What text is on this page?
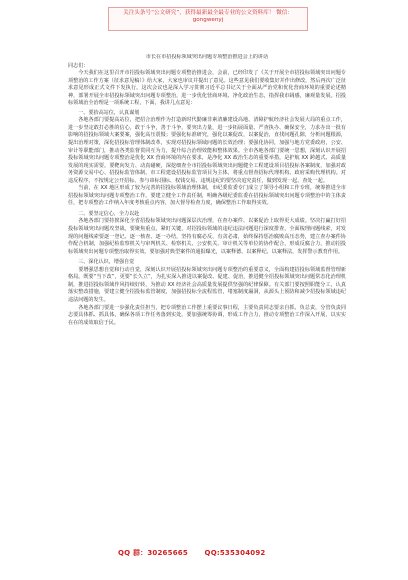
关注头条号“公文研究”，获得最新最全最专业的公文资料库！ 微信：gongwenyj
市长在市招投标领域突出问题专项整治推进会上的讲话
同志们：

今天我们在这里召开市招投标领域突出问题专项整治推进会，会前，已经印发了《关于开展全市招投标领域突出问题专项整治的工作方案（征求意见稿）》给大家，大家也审议并提出了意见。这些意见我们要收集好并作出修改，然后再次广泛征求意见形成正式文件下发执行。这次会议也是深入学习贯彻习近平总书记关于全面从严治党和优化营商环境的重要论述精神，部署开展全市招投标领域突出问题专项整治，进一步优化营商环境、净化政治生态，指挥我市阔感，廉观量发展。招投标领域治全治理是一项系统工程，下面，我讲几点意见：

一、要抬高站位，认真谋划

各地各部门要提高站位，把招合治理作为打造新时代勤廉非素清廉建设高地、清障护航经济社会发展大局的重点工作，进一步坚定敢打必胜的信心，敢于斗争，善于斗争，要突出力量，进一步拓展面量、严查执办、确保安全，力求办出一批有影响的招投标领域大案要案，强化高压震慑；要强化标准研究，强化以案促改，以案促治，直找问题孔隙，分析问题根源，提出治理对策，深化招投标管理体制改革，实现对招投标领域问题的长效治理；要强化协同，加强与地方党委政府，公安、审计等职能部门，推动各类监督贯同互为力，提升综合治理效能和整体效果。全市各地各部门要统一思想，深刻认识开展招投标领域突出问题专项整治是优化 XX 营商环境的内在要求，是净化 XX 政治生态的重要举措，是护航 XX 跨越式、高质量发展的现实需要。要靶向发力、动真碰硬，深挖细查全市招投标领域突出问题健全工程建设项目招投标各案制度，加强对政务资源交易中心、招投标监管体制、市工程建设招投标监管项目为主体，将重点督查招标代理机构、政府采购代理机构。对违反程序、不按规定公开招标、参与串标围标、权钱交易、违规违纪的要坚决追究责任，做到发现一起、查处一起。

当前，在 XX 地区形成了较为完善的招投标领域治理体制，市纪委监委专门成立了领导小组和工作专班，统筹推进全市招投标领域突出问题专项整治工作。要建立健全工作责任制，明确各级纪委监委在招投标领域突出问题专项整治中的主体责任，把专项整治工作纳入年度考核重点内容，加大督导检查力度，确保整治工作取得实效。

二、要坚定信心，全力以赴

各地各部门要持挨深化全省招投标领域突出问题深层次治理，在查办案件、以案促治上取得更大成绩。坚决打赢打好招投标领域突出问题攻坚战，要聚焦重点，紧盯关键，对招投标领域的违纪违法问题进行深度排查，全面梳理问题线索，对发现的问题线索要逐一登记、逐一核查、逐一办结，坚持有腐必反、有贪必肃，始终保持惩治腐败高压态势，建立查办案件协作配合机制，加强纪检监察机关与审判机关、检察机关、公安机关、审计机关等单位的协作配合，形成反腐合力，推动招投标领域突出问题专项整治取得实效。要加强对典型案件的通报曝光，以案释德、以案释纪、以案释法，发挥警示教育作用。

三、深化认识，增强自觉

要增强思想自觉和行动自觉，深刻认识开展招投标领域突出问题专项整治的重要意义，全面构建招投标领域监督管理新格局。既要“当下改”，更要“长久立”，为扎实深入推进以案促改、促建、促治，推进健全招投标领域突出问题常态化治理机制，推进招投标领域作风持续好转，为推动 XX 经济社会高质量发展提供坚强的纪律保障。有关部门要按照职能分工，认真落实整改措施，要建立健全招投标监管制度，加强招投标全流程监管，堵塞制度漏洞，从源头上预防和减少招投标领域违纪违法问题的发生。

各地各部门要进一步强化责任担当，把专项整治工作摆上重要议事日程，主要负责同志要亲自抓、负总责，分管负责同志要具体抓、抓具体，确保各项工作任务落到实处。要加强统筹协调，形成工作合力，推动专项整治工作深入开展，以实实在在的成效取信于民。

QQ 群：30265665 QQ:535304092
